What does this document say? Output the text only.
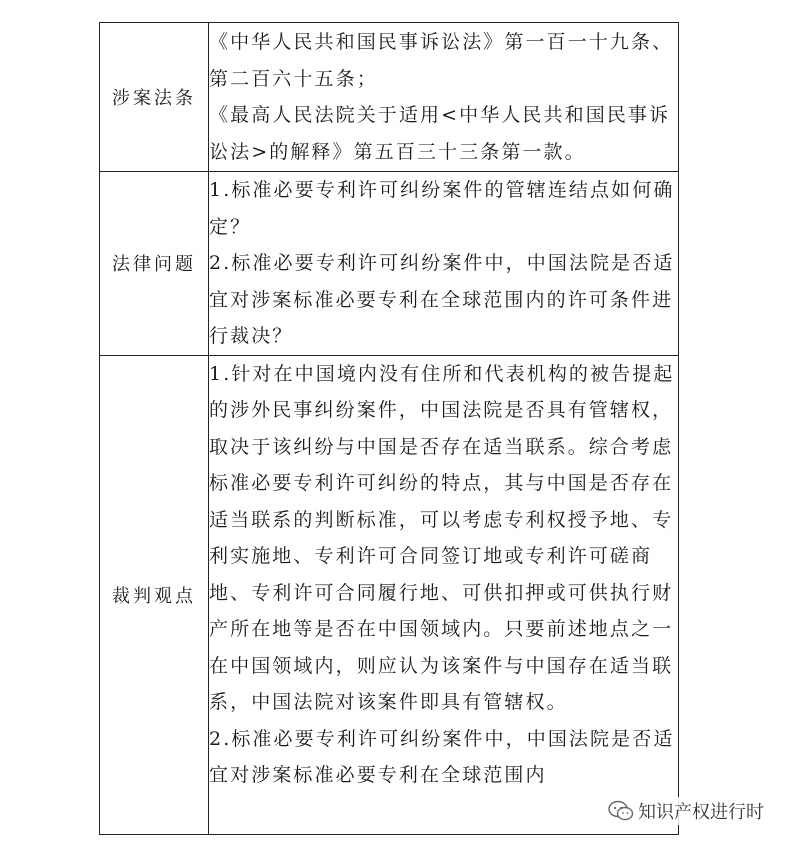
涉案法条	《中华人民共和国民事诉讼法》第一百一十九条、第二百六十五条；
《最高人民法院关于适用<中华人民共和国民事诉讼法>的解释》第五百三十三条第一款。

法律问题	1.标准必要专利许可纠纷案件的管辖连结点如何确定？
2.标准必要专利许可纠纷案件中，中国法院是否适宜对涉案标准必要专利在全球范围内的许可条件进行裁决？

裁判观点	1.针对在中国境内没有住所和代表机构的被告提起的涉外民事纠纷案件，中国法院是否具有管辖权，取决于该纠纷与中国是否存在适当联系。综合考虑标准必要专利许可纠纷的特点，其与中国是否存在适当联系的判断标准，可以考虑专利权授予地、专利实施地、专利许可合同签订地或专利许可磋商地、专利许可合同履行地、可供扣押或可供执行财产所在地等是否在中国领域内。只要前述地点之一在中国领域内，则应认为该案件与中国存在适当联系，中国法院对该案件即具有管辖权。
2.标准必要专利许可纠纷案件中，中国法院是否适宜对涉案标准必要专利在全球范围内
知识产权进行时
